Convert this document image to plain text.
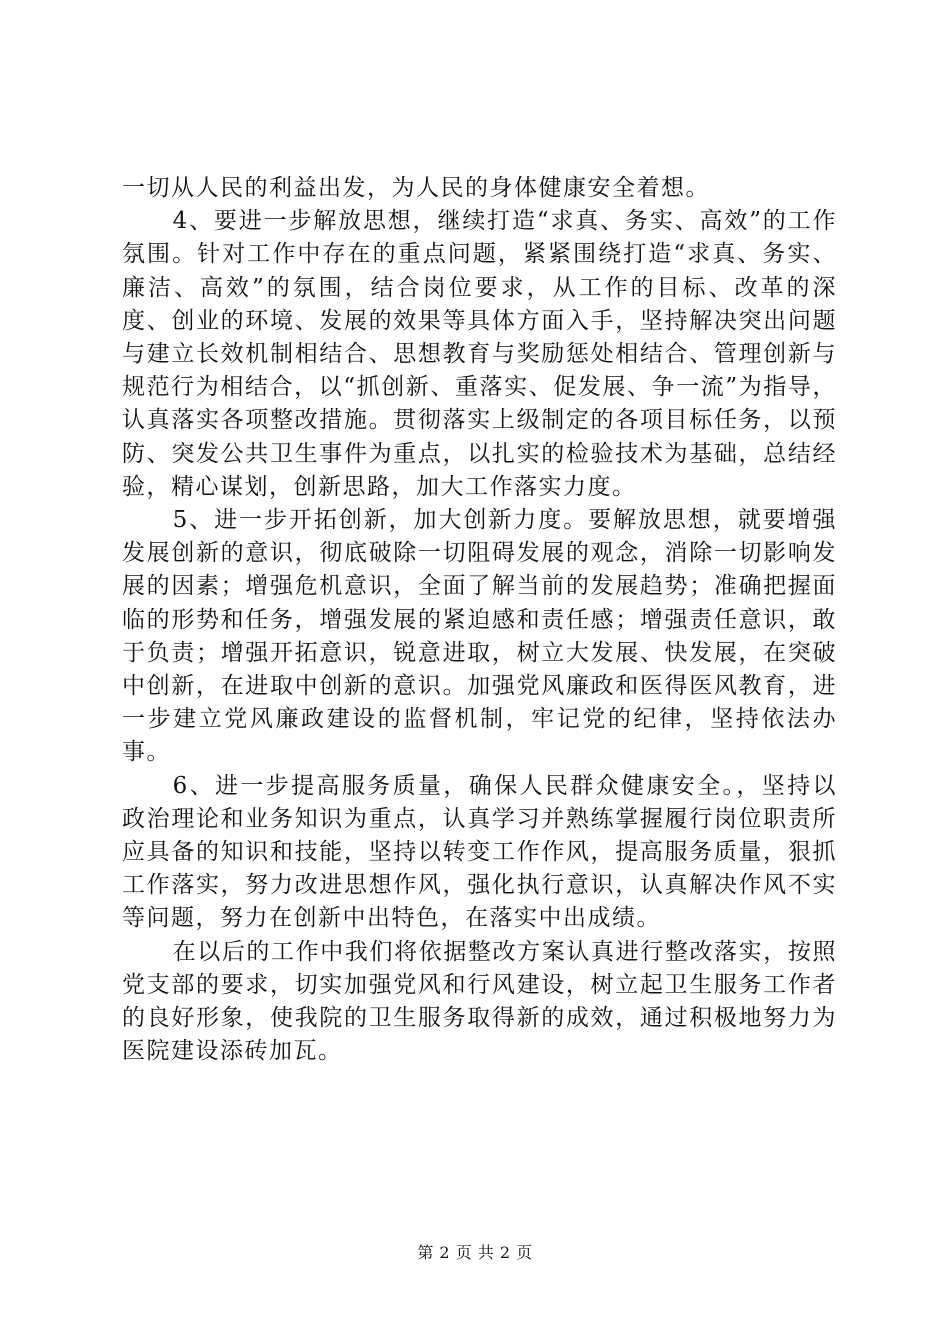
一切从人民的利益出发，为人民的身体健康安全着想。

4、要进一步解放思想，继续打造“求真、务实、高效”的工作氛围。针对工作中存在的重点问题，紧紧围绕打造“求真、务实、廉洁、高效”的氛围，结合岗位要求，从工作的目标、改革的深度、创业的环境、发展的效果等具体方面入手，坚持解决突出问题与建立长效机制相结合、思想教育与奖励惩处相结合、管理创新与规范行为相结合，以“抓创新、重落实、促发展、争一流”为指导，认真落实各项整改措施。贯彻落实上级制定的各项目标任务，以预防、突发公共卫生事件为重点，以扎实的检验技术为基础，总结经验，精心谋划，创新思路，加大工作落实力度。

5、进一步开拓创新，加大创新力度。要解放思想，就要增强发展创新的意识，彻底破除一切阻碍发展的观念，消除一切影响发展的因素；增强危机意识，全面了解当前的发展趋势；准确把握面临的形势和任务，增强发展的紧迫感和责任感；增强责任意识，敢于负责；增强开拓意识，锐意进取，树立大发展、快发展，在突破中创新，在进取中创新的意识。加强党风廉政和医得医风教育，进一步建立党风廉政建设的监督机制，牢记党的纪律，坚持依法办事。

6、进一步提高服务质量，确保人民群众健康安全。，坚持以政治理论和业务知识为重点，认真学习并熟练掌握履行岗位职责所应具备的知识和技能，坚持以转变工作作风，提高服务质量，狠抓工作落实，努力改进思想作风，强化执行意识，认真解决作风不实等问题，努力在创新中出特色，在落实中出成绩。

在以后的工作中我们将依据整改方案认真进行整改落实，按照党支部的要求，切实加强党风和行风建设，树立起卫生服务工作者的良好形象，使我院的卫生服务取得新的成效，通过积极地努力为医院建设添砖加瓦。

第 2 页 共 2 页
